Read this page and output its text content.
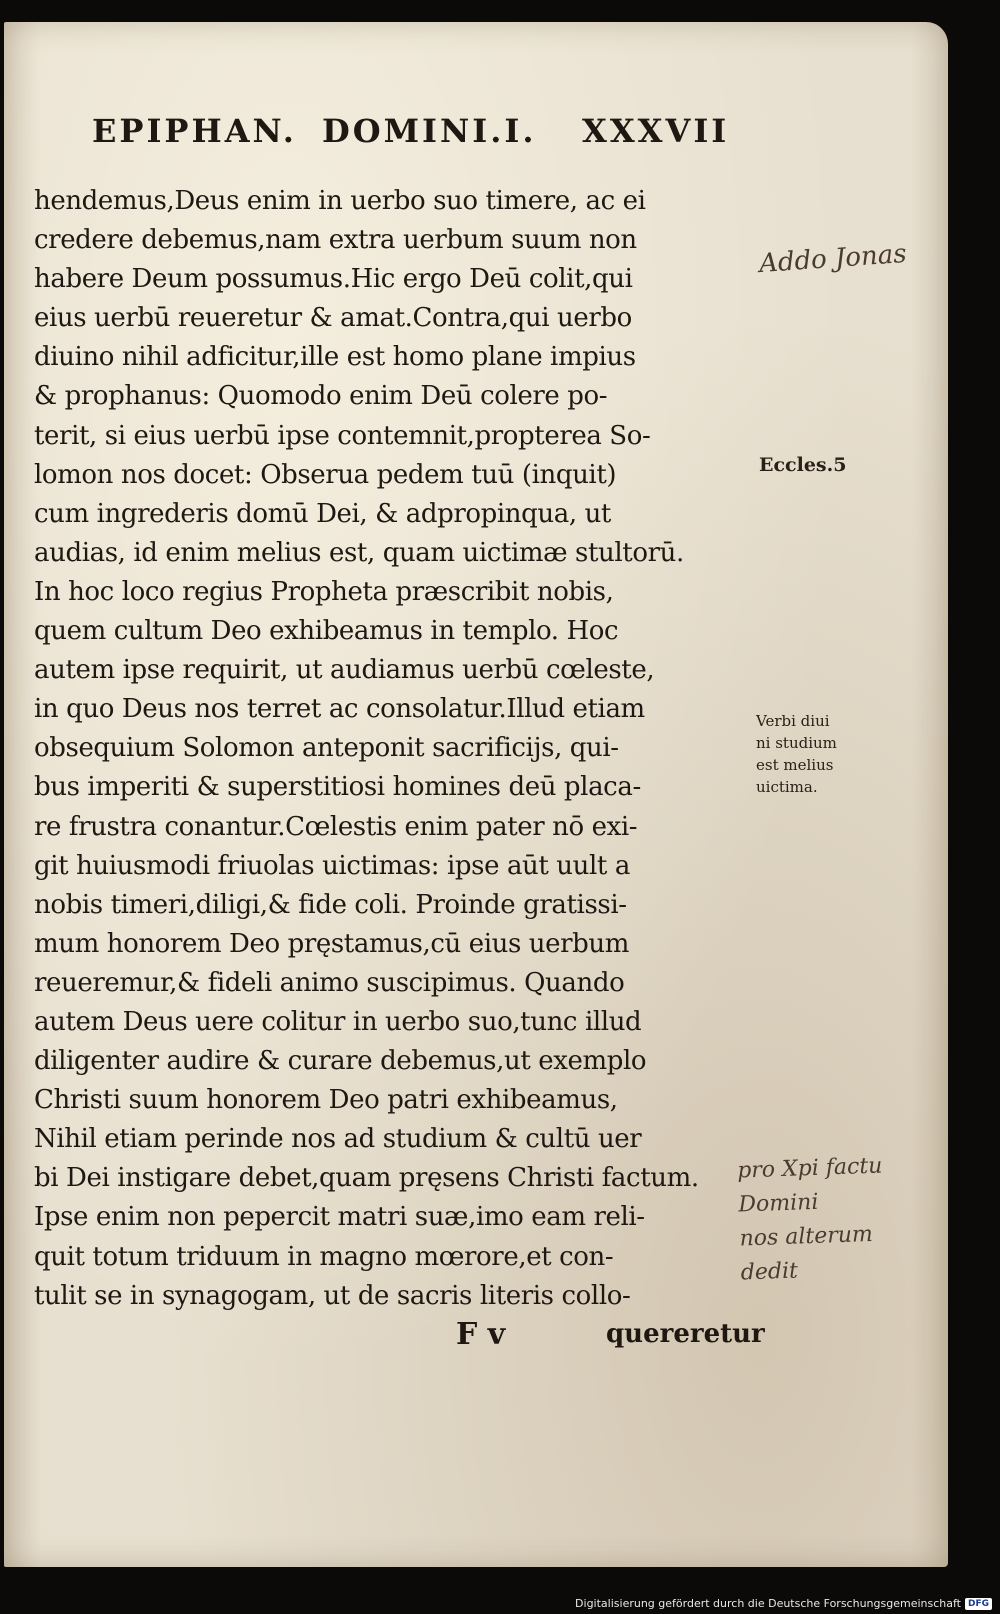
EPIPHAN. DOMINI.I. XXXVII
hendemus,Deus enim in uerbo suo timere, ac ei
credere debemus,nam extra uerbum suum non
habere Deum possumus.Hic ergo Deū colit,qui
eius uerbū reueretur & amat.Contra,qui uerbo
diuino nihil adficitur,ille est homo plane impius
& prophanus: Quomodo enim Deū colere po-
terit, si eius uerbū ipse contemnit,propterea So-
lomon nos docet: Obserua pedem tuū (inquit)
cum ingrederis domū Dei, & adpropinqua, ut
audias, id enim melius est, quam uictimæ stultorū.
In hoc loco regius Propheta præscribit nobis,
quem cultum Deo exhibeamus in templo. Hoc
autem ipse requirit, ut audiamus uerbū cœleste,
in quo Deus nos terret ac consolatur.Illud etiam
obsequium Solomon anteponit sacrificijs, qui-
bus imperiti & superstitiosi homines deū placa-
re frustra conantur.Cœlestis enim pater nō exi-
git huiusmodi friuolas uictimas: ipse aūt uult a
nobis timeri,diligi,& fide coli. Proinde gratissi-
mum honorem Deo pręstamus,cū eius uerbum
reueremur,& fideli animo suscipimus. Quando
autem Deus uere colitur in uerbo suo,tunc illud
diligenter audire & curare debemus,ut exemplo
Christi suum honorem Deo patri exhibeamus,
Nihil etiam perinde nos ad studium & cultū uer
bi Dei instigare debet,quam pręsens Christi factum.
Ipse enim non pepercit matri suæ,imo eam reli-
quit totum triduum in magno mœrore,et con-
tulit se in synagogam, ut de sacris literis collo-
Addo Jonas
Eccles.5
Verbi diui
ni studium
est melius
uictima.
pro Xpi factu
Domini
nos alterum
dedit
F v	quereretur
Digitalisierung gefördert durch die Deutsche Forschungsgemeinschaft DFG
